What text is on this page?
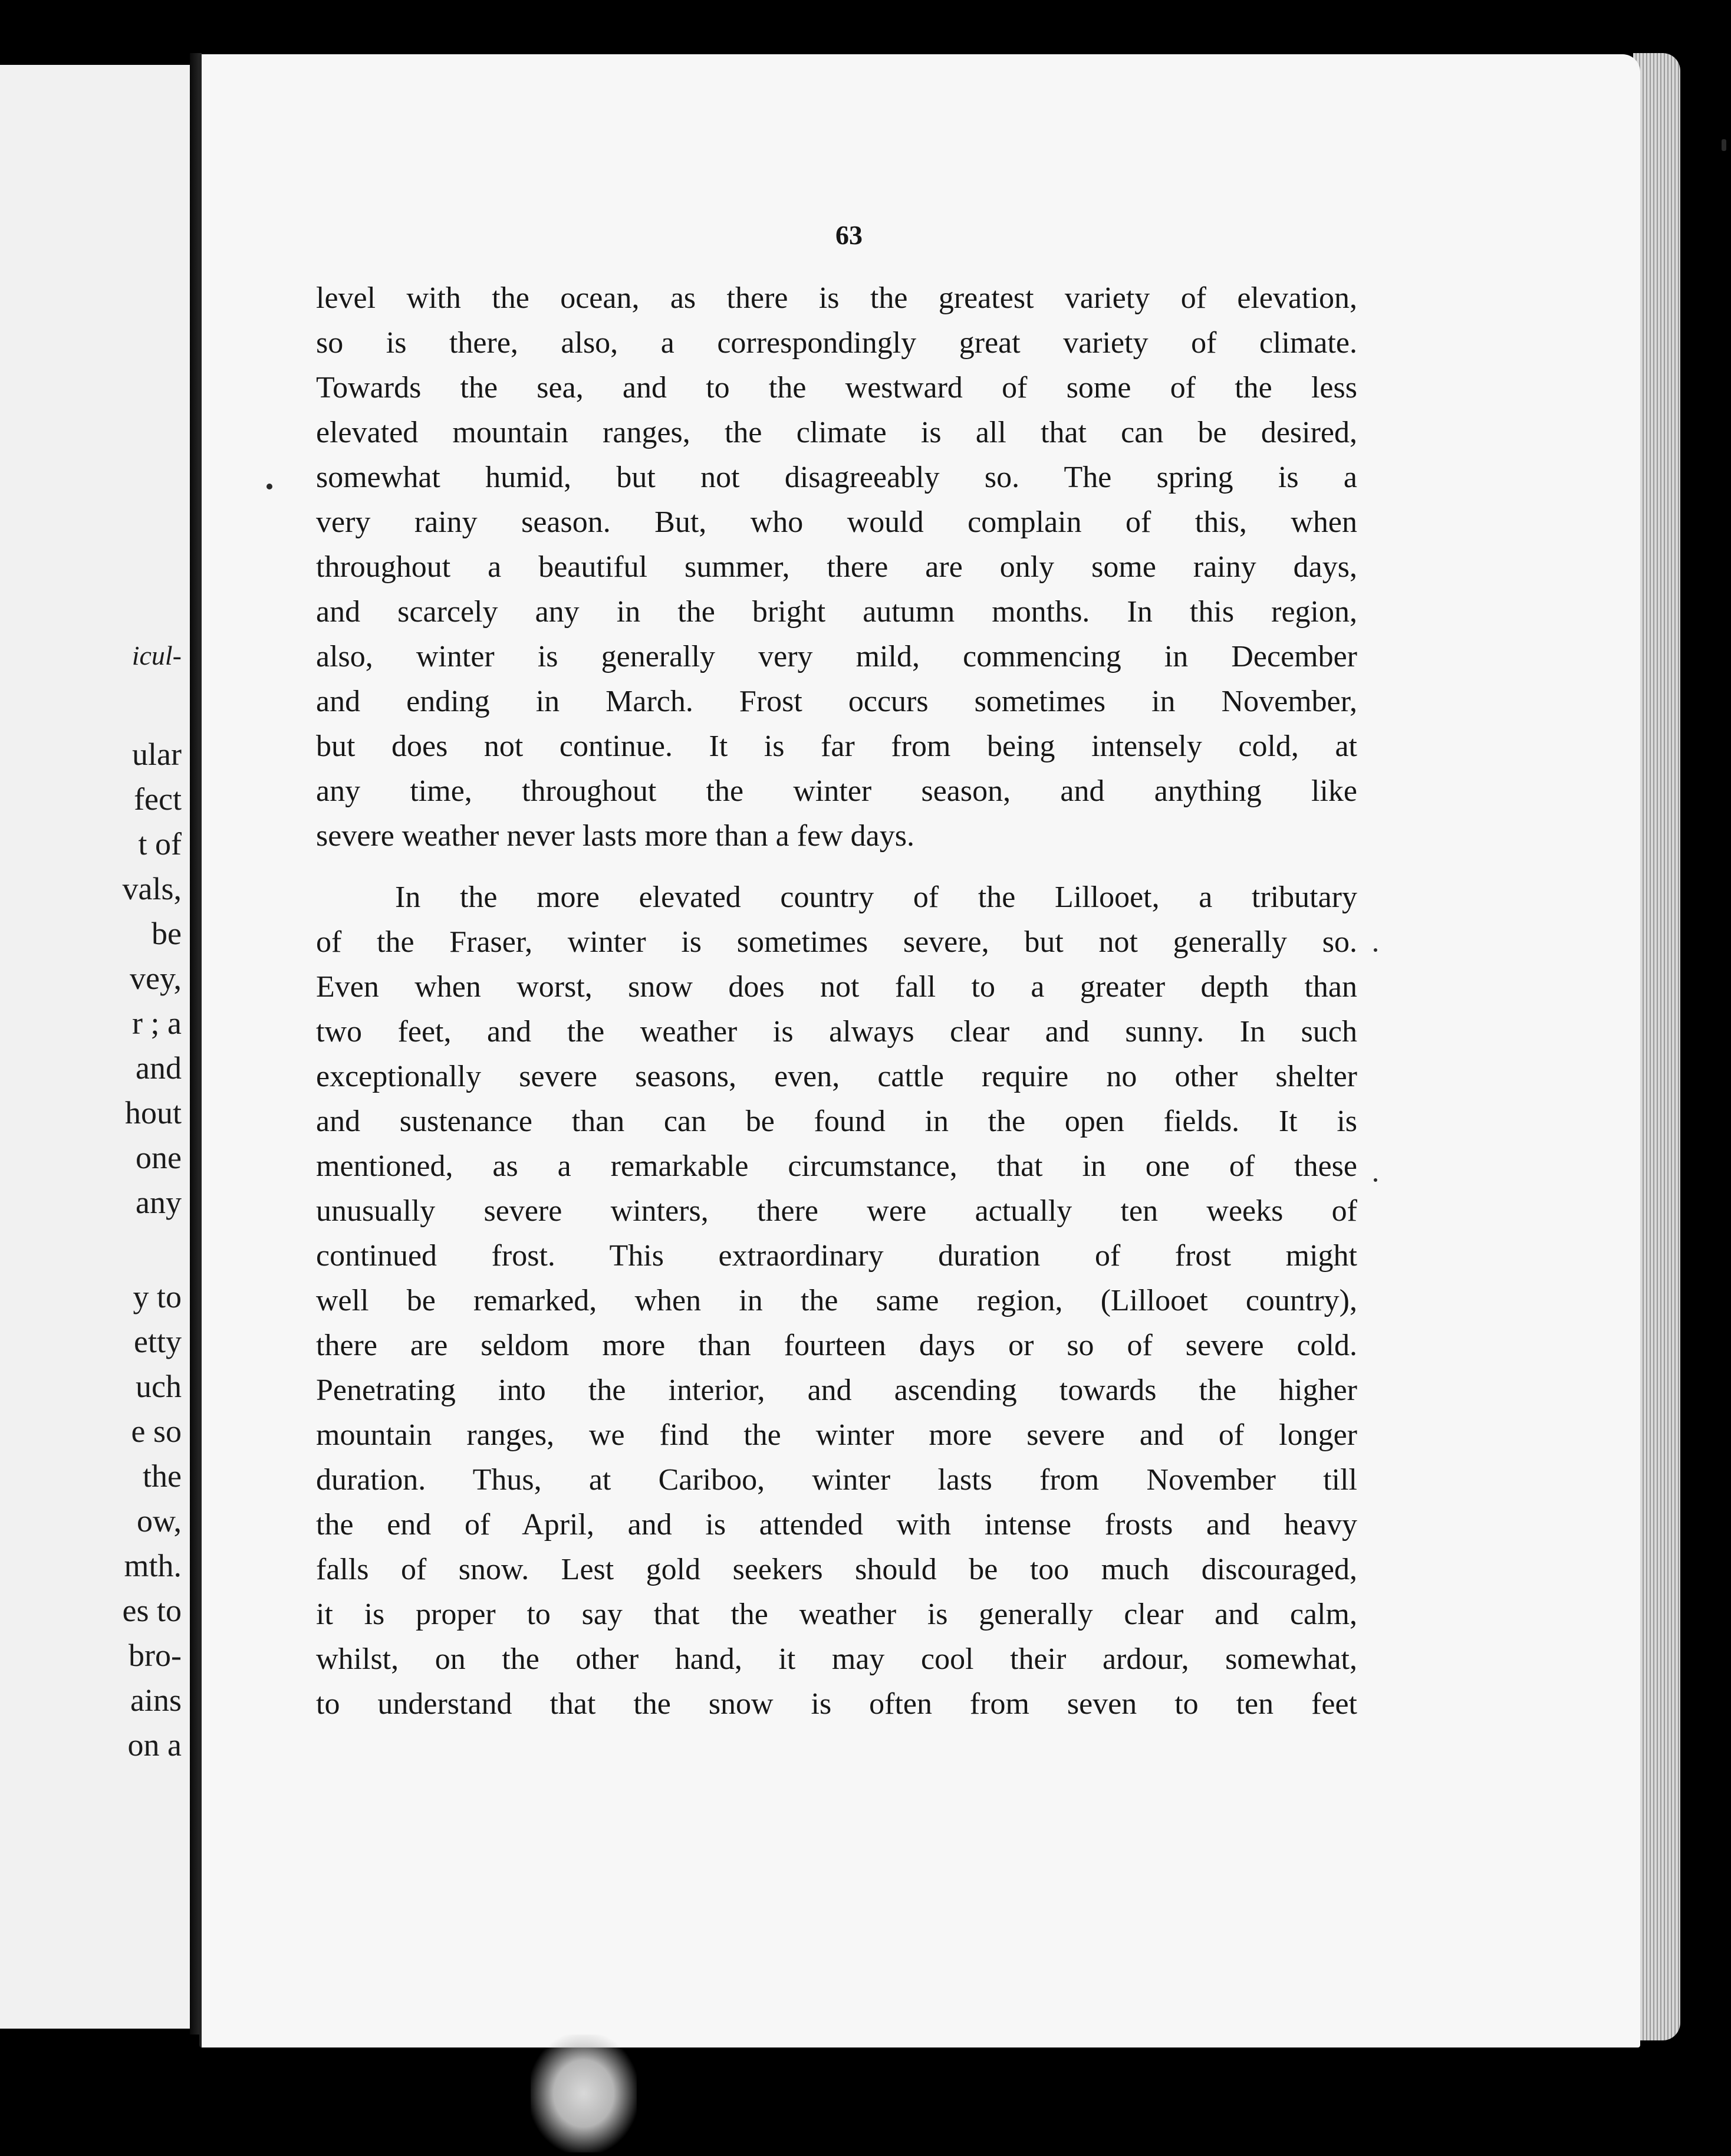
icul-
ular
fect
t of
vals,
be
vey,
r ; a
and
hout
one
any
y to
etty
uch
e so
the
ow,
mth.
es to
bro-
ains
on a
63
level with the ocean, as there is the greatest variety of elevation,
so is there, also, a correspondingly great variety of climate.
Towards the sea, and to the westward of some of the less
elevated mountain ranges, the climate is all that can be desired,
somewhat humid, but not disagreeably so. The spring is a
very rainy season. But, who would complain of this, when
throughout a beautiful summer, there are only some rainy days,
and scarcely any in the bright autumn months. In this region,
also, winter is generally very mild, commencing in December
and ending in March. Frost occurs sometimes in November,
but does not continue. It is far from being intensely cold, at
any time, throughout the winter season, and anything like
severe weather never lasts more than a few days.
In the more elevated country of the Lillooet, a tributary
of the Fraser, winter is sometimes severe, but not generally so.
Even when worst, snow does not fall to a greater depth than
two feet, and the weather is always clear and sunny. In such
exceptionally severe seasons, even, cattle require no other shelter
and sustenance than can be found in the open fields. It is
mentioned, as a remarkable circumstance, that in one of these
unusually severe winters, there were actually ten weeks of
continued frost. This extraordinary duration of frost might
well be remarked, when in the same region, (Lillooet country),
there are seldom more than fourteen days or so of severe cold.
Penetrating into the interior, and ascending towards the higher
mountain ranges, we find the winter more severe and of longer
duration. Thus, at Cariboo, winter lasts from November till
the end of April, and is attended with intense frosts and heavy
falls of snow. Lest gold seekers should be too much discouraged,
it is proper to say that the weather is generally clear and calm,
whilst, on the other hand, it may cool their ardour, somewhat,
to understand that the snow is often from seven to ten feet
